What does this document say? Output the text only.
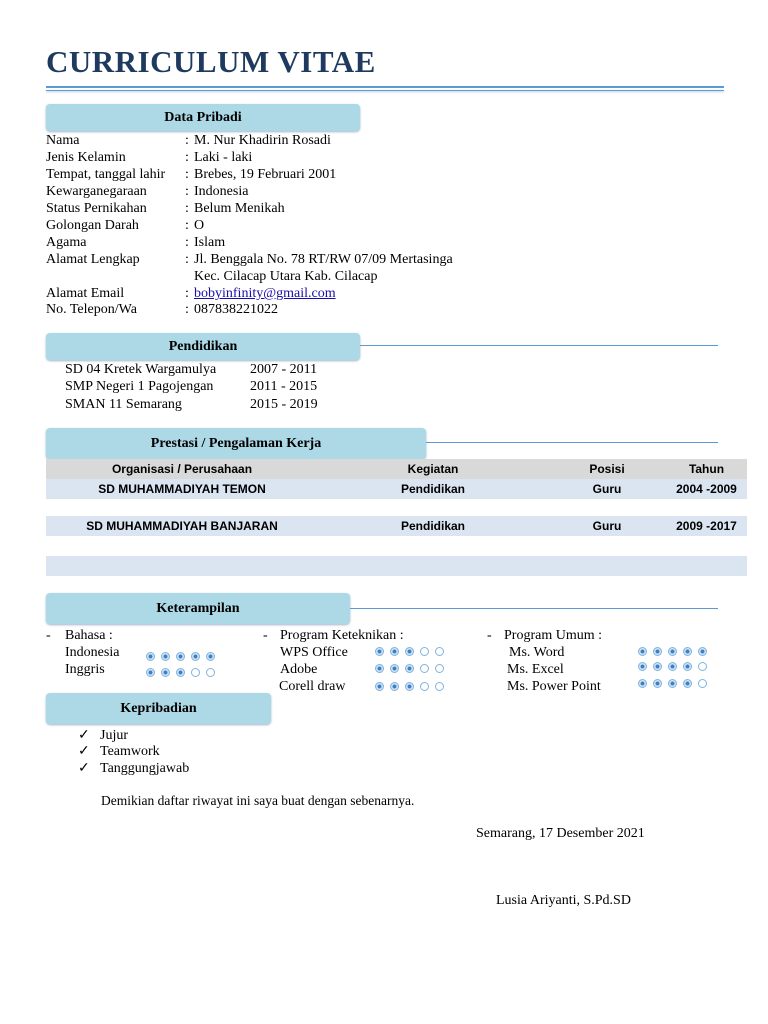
CURRICULUM VITAE
Data Pribadi
Nama	: M. Nur Khadirin Rosadi
Jenis Kelamin	: Laki - laki
Tempat, tanggal lahir : Brebes, 19 Februari 2001
Kewarganegaraan	: Indonesia
Status Pernikahan	: Belum Menikah
Golongan Darah	: O
Agama	: Islam
Alamat Lengkap	: Jl. Benggala No. 78 RT/RW 07/09 Mertasinga
Kec. Cilacap Utara Kab. Cilacap
Alamat Email	: bobyinfinity@gmail.com
No. Telepon/Wa	: 087838221022
Pendidikan
SD 04 Kretek Wargamulya 2007 - 2011
SMP Negeri 1 Pagojengan	2011 - 2015
SMAN 11 Semarang	2015 - 2019
Prestasi / Pengalaman Kerja
Organisasi / Perusahaan	Kegiatan	Posisi	Tahun
SD MUHAMMADIYAH TEMON	Pendidikan	Guru	2004 -2009
SD MUHAMMADIYAH BANJARAN	Pendidikan	Guru	2009 -2017
Keterampilan
- Bahasa :
Indonesia
Inggris
- Program Keteknikan :
WPS Office
Adobe
Corell draw
- Program Umum :
Ms. Word
Ms. Excel
Ms. Power Point
Kepribadian
✓ Jujur
✓ Teamwork
✓ Tanggungjawab
Demikian daftar riwayat ini saya buat dengan sebenarnya.
Semarang, 17 Desember 2021
Lusia Ariyanti, S.Pd.SD
